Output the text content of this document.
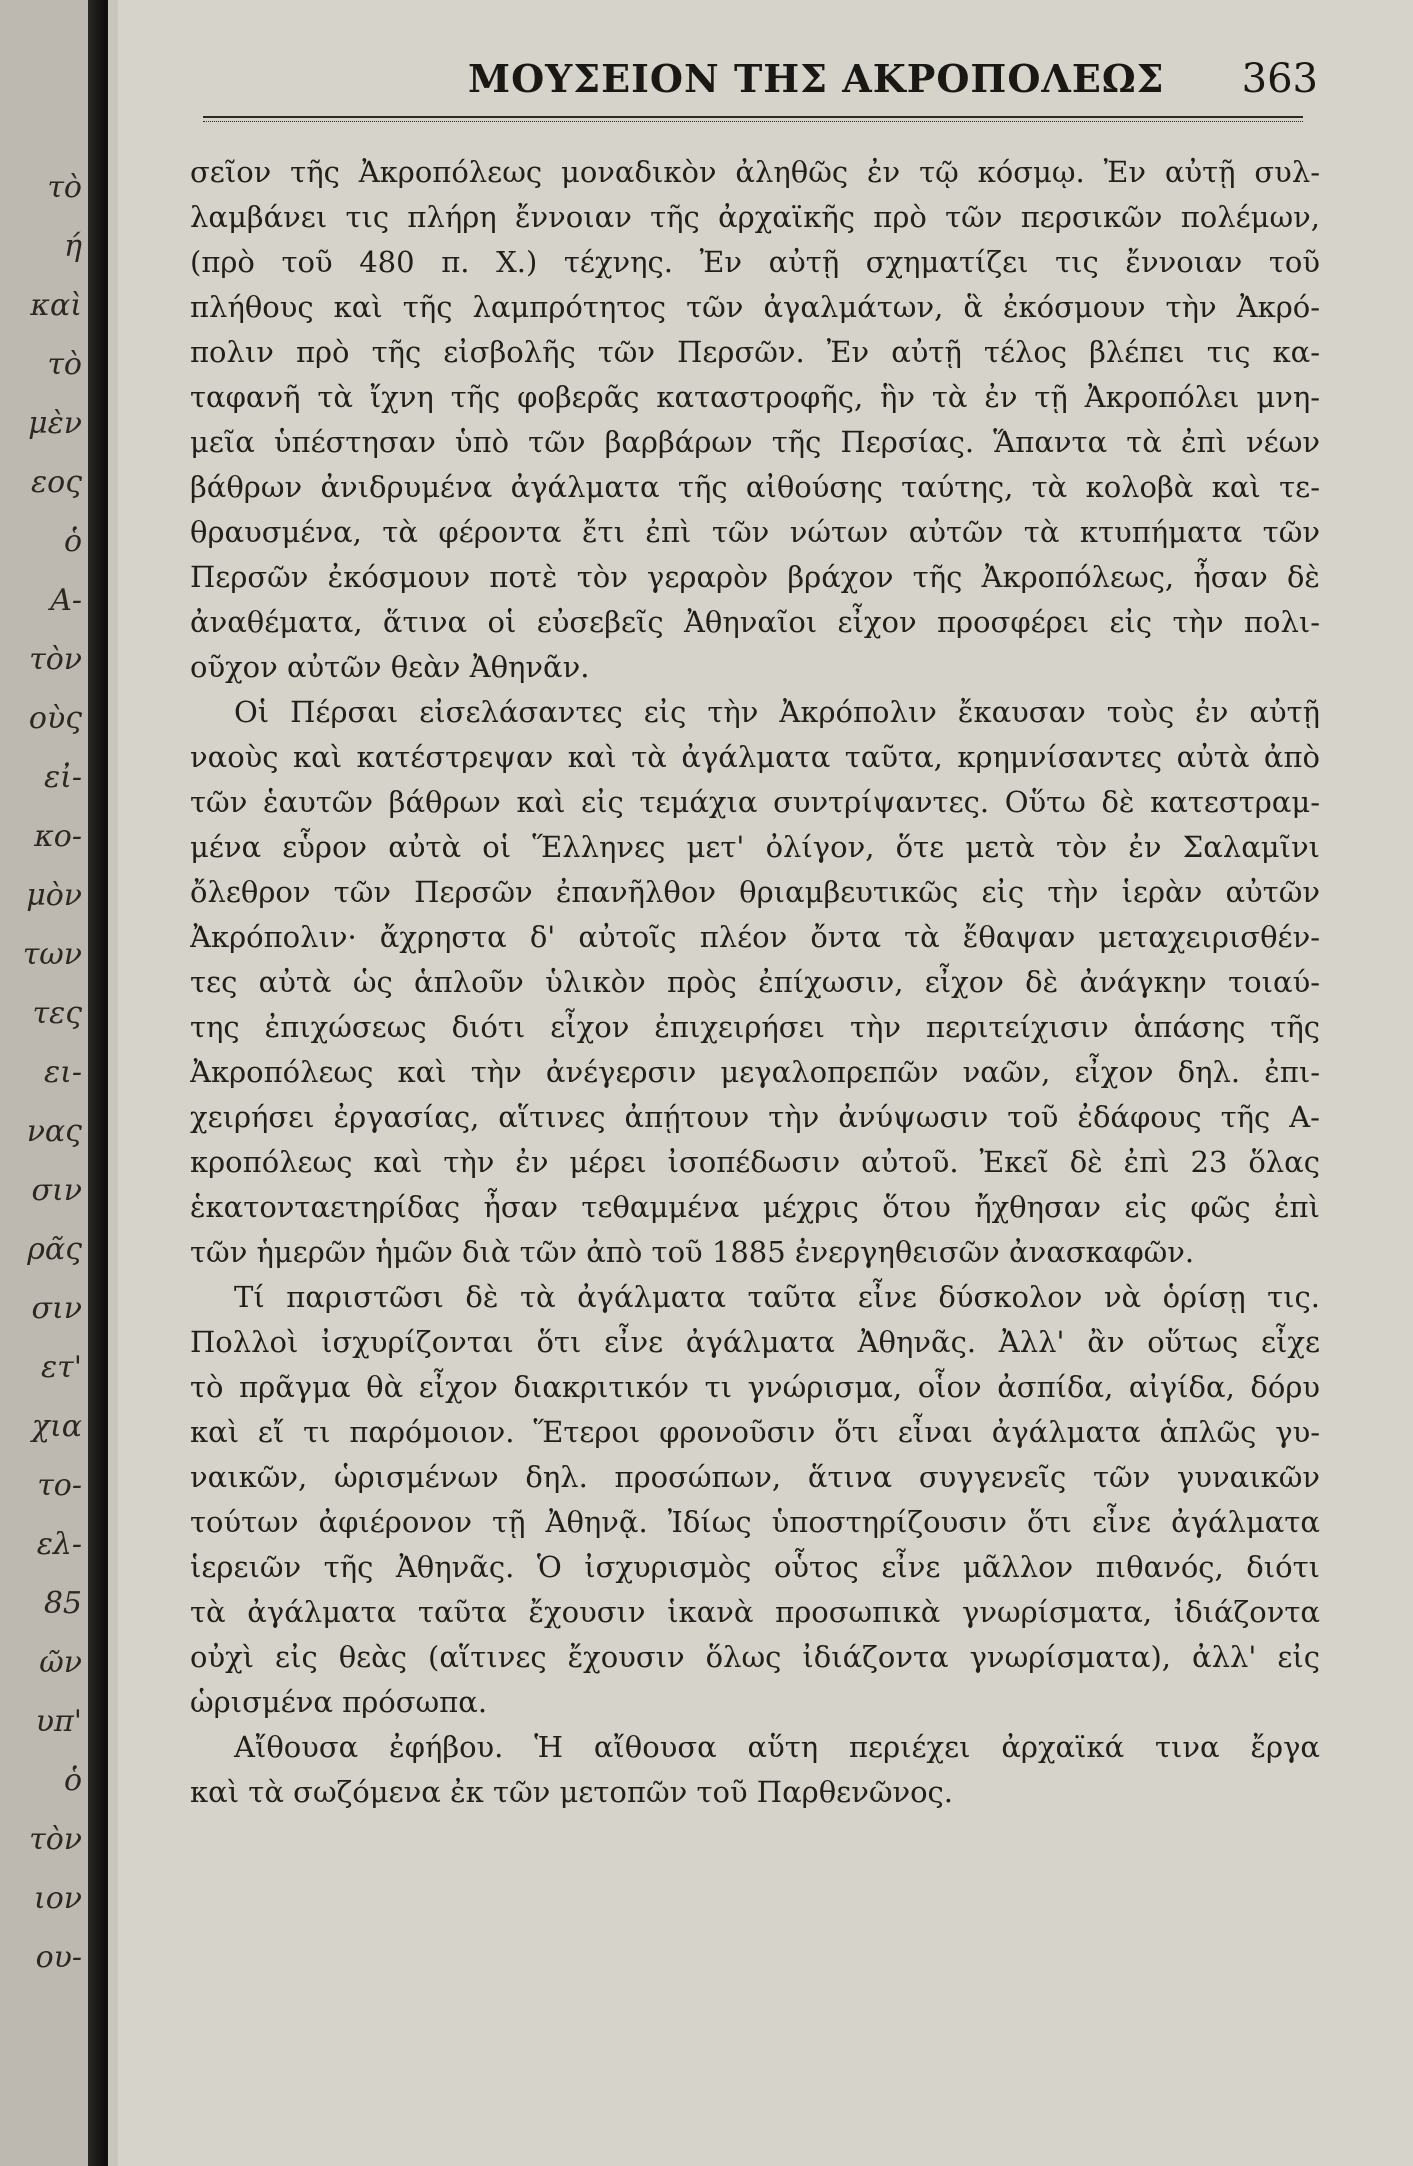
τὸ
ή
καὶ
τὸ
μὲν
εος
ὁ
Α-
τὸν
οὺς
εἰ-
κο-
μὸν
των
τες
ει-
νας
σιν
ρᾶς
σιν
ετ'
χια
το-
ελ-
85
ῶν
υπ'
ὁ
τὸν
ιον
ου-
ΜΟΥΣΕΙΟΝ ΤΗΣ ΑΚΡΟΠΟΛΕΩΣ 363
σεῖον τῆς Ἀκροπόλεως μοναδικὸν ἀληθῶς ἐν τῷ κόσμῳ. Ἐν αὐτῇ συλ-
λαμβάνει τις πλήρη ἔννοιαν τῆς ἀρχαϊκῆς πρὸ τῶν περσικῶν πολέμων,
(πρὸ τοῦ 480 π. Χ.) τέχνης. Ἐν αὐτῇ σχηματίζει τις ἔννοιαν τοῦ
πλήθους καὶ τῆς λαμπρότητος τῶν ἀγαλμάτων, ἃ ἐκόσμουν τὴν Ἀκρό-
πολιν πρὸ τῆς εἰσβολῆς τῶν Περσῶν. Ἐν αὐτῇ τέλος βλέπει τις κα-
ταφανῆ τὰ ἴχνη τῆς φοβερᾶς καταστροφῆς, ἣν τὰ ἐν τῇ Ἀκροπόλει μνη-
μεῖα ὑπέστησαν ὑπὸ τῶν βαρβάρων τῆς Περσίας. Ἅπαντα τὰ ἐπὶ νέων
βάθρων ἀνιδρυμένα ἀγάλματα τῆς αἰθούσης ταύτης, τὰ κολοβὰ καὶ τε-
θραυσμένα, τὰ φέροντα ἔτι ἐπὶ τῶν νώτων αὐτῶν τὰ κτυπήματα τῶν
Περσῶν ἐκόσμουν ποτὲ τὸν γεραρὸν βράχον τῆς Ἀκροπόλεως, ἦσαν δὲ
ἀναθέματα, ἅτινα οἱ εὐσεβεῖς Ἀθηναῖοι εἶχον προσφέρει εἰς τὴν πολι-
οῦχον αὐτῶν θεὰν Ἀθηνᾶν.
Οἱ Πέρσαι εἰσελάσαντες εἰς τὴν Ἀκρόπολιν ἔκαυσαν τοὺς ἐν αὐτῇ
ναοὺς καὶ κατέστρεψαν καὶ τὰ ἀγάλματα ταῦτα, κρημνίσαντες αὐτὰ ἀπὸ
τῶν ἑαυτῶν βάθρων καὶ εἰς τεμάχια συντρίψαντες. Οὕτω δὲ κατεστραμ-
μένα εὗρον αὐτὰ οἱ Ἕλληνες μετ' ὀλίγον, ὅτε μετὰ τὸν ἐν Σαλαμῖνι
ὄλεθρον τῶν Περσῶν ἐπανῆλθον θριαμβευτικῶς εἰς τὴν ἱερὰν αὐτῶν
Ἀκρόπολιν· ἄχρηστα δ' αὐτοῖς πλέον ὄντα τὰ ἔθαψαν μεταχειρισθέν-
τες αὐτὰ ὡς ἁπλοῦν ὑλικὸν πρὸς ἐπίχωσιν, εἶχον δὲ ἀνάγκην τοιαύ-
της ἐπιχώσεως διότι εἶχον ἐπιχειρήσει τὴν περιτείχισιν ἁπάσης τῆς
Ἀκροπόλεως καὶ τὴν ἀνέγερσιν μεγαλοπρεπῶν ναῶν, εἶχον δηλ. ἐπι-
χειρήσει ἐργασίας, αἵτινες ἀπῄτουν τὴν ἀνύψωσιν τοῦ ἐδάφους τῆς Α-
κροπόλεως καὶ τὴν ἐν μέρει ἰσοπέδωσιν αὐτοῦ. Ἐκεῖ δὲ ἐπὶ 23 ὅλας
ἑκατονταετηρίδας ἦσαν τεθαμμένα μέχρις ὅτου ἤχθησαν εἰς φῶς ἐπὶ
τῶν ἡμερῶν ἡμῶν διὰ τῶν ἀπὸ τοῦ 1885 ἐνεργηθεισῶν ἀνασκαφῶν.
Τί παριστῶσι δὲ τὰ ἀγάλματα ταῦτα εἶνε δύσκολον νὰ ὁρίσῃ τις.
Πολλοὶ ἰσχυρίζονται ὅτι εἶνε ἀγάλματα Ἀθηνᾶς. Ἀλλ' ἂν οὕτως εἶχε
τὸ πρᾶγμα θὰ εἶχον διακριτικόν τι γνώρισμα, οἷον ἀσπίδα, αἰγίδα, δόρυ
καὶ εἴ τι παρόμοιον. Ἕτεροι φρονοῦσιν ὅτι εἶναι ἀγάλματα ἁπλῶς γυ-
ναικῶν, ὡρισμένων δηλ. προσώπων, ἅτινα συγγενεῖς τῶν γυναικῶν
τούτων ἀφιέρονον τῇ Ἀθηνᾷ. Ἰδίως ὑποστηρίζουσιν ὅτι εἶνε ἀγάλματα
ἱερειῶν τῆς Ἀθηνᾶς. Ὁ ἰσχυρισμὸς οὗτος εἶνε μᾶλλον πιθανός, διότι
τὰ ἀγάλματα ταῦτα ἔχουσιν ἱκανὰ προσωπικὰ γνωρίσματα, ἰδιάζοντα
οὐχὶ εἰς θεὰς (αἵτινες ἔχουσιν ὅλως ἰδιάζοντα γνωρίσματα), ἀλλ' εἰς
ὡρισμένα πρόσωπα.
Αἴθουσα ἐφήβου. Ἡ αἴθουσα αὕτη περιέχει ἀρχαϊκά τινα ἔργα
καὶ τὰ σωζόμενα ἐκ τῶν μετοπῶν τοῦ Παρθενῶνος.
